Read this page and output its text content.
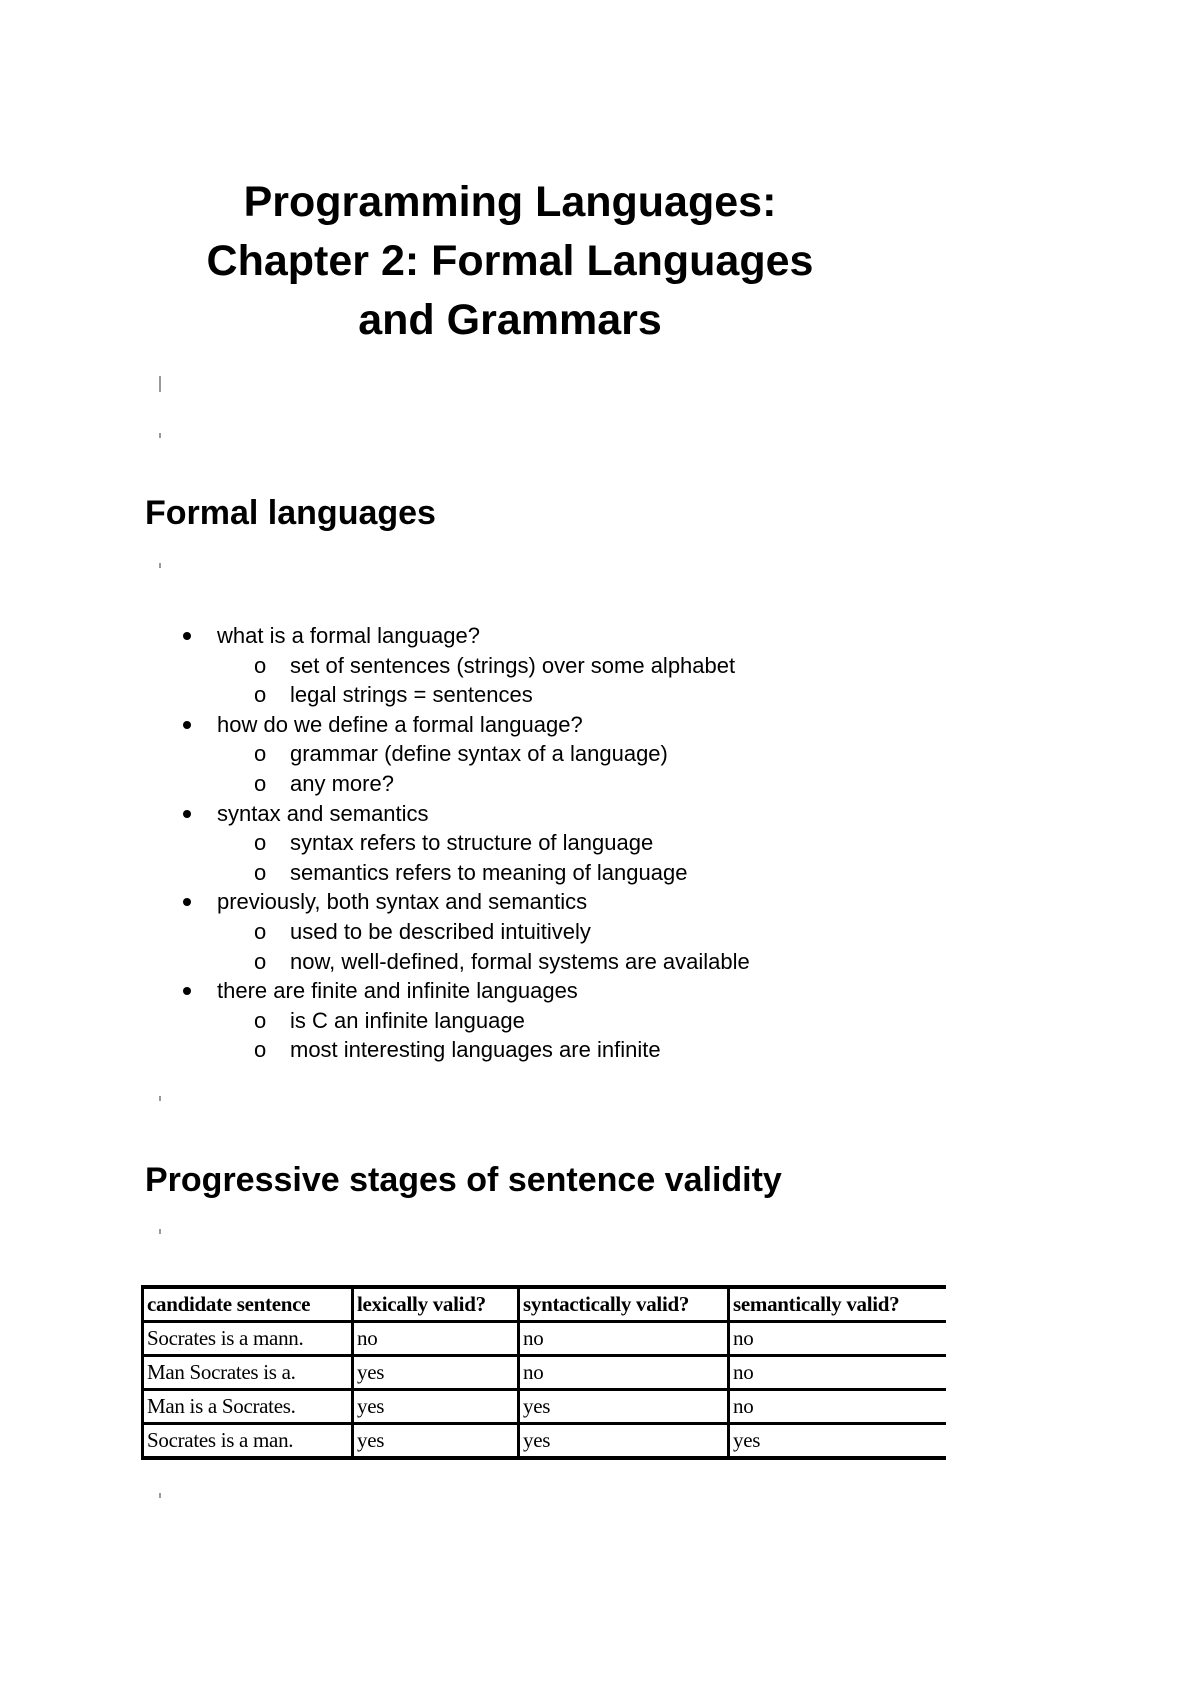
Programming Languages:
Chapter 2: Formal Languages
and Grammars
Formal languages
what is a formal language?
o set of sentences (strings) over some alphabet
o legal strings = sentences
how do we define a formal language?
o grammar (define syntax of a language)
o any more?
syntax and semantics
o syntax refers to structure of language
o semantics refers to meaning of language
previously, both syntax and semantics
o used to be described intuitively
o now, well-defined, formal systems are available
there are finite and infinite languages
o is C an infinite language
o most interesting languages are infinite
Progressive stages of sentence validity
candidate sentence	lexically valid?	syntactically valid?	semantically valid?
Socrates is a mann.	no	no	no
Man Socrates is a.	yes	no	no
Man is a Socrates.	yes	yes	no
Socrates is a man.	yes	yes	yes
